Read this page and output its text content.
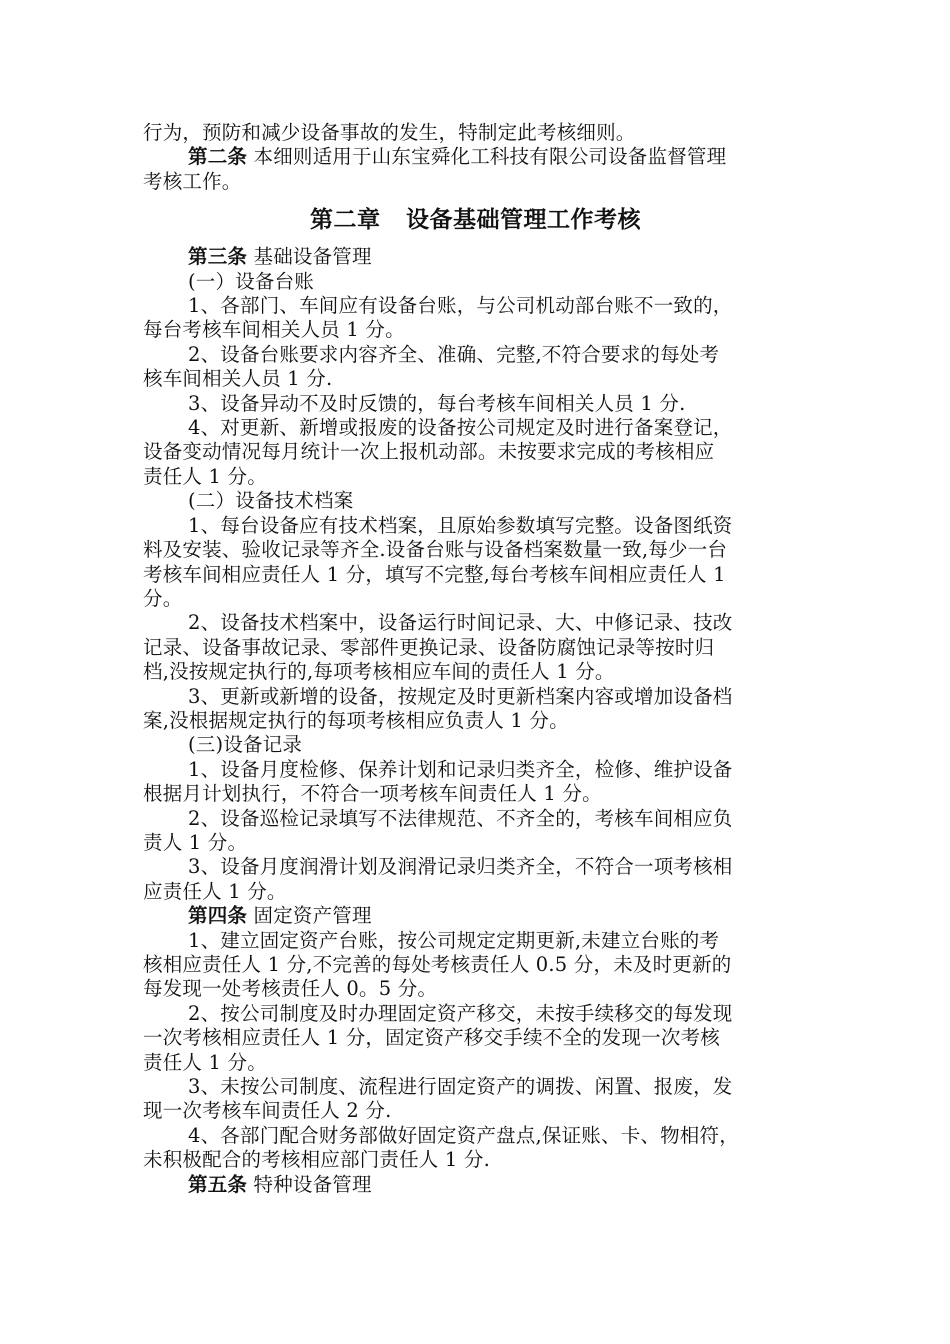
行为，预防和减少设备事故的发生，特制定此考核细则。
第二条 本细则适用于山东宝舜化工科技有限公司设备监督管理
考核工作。
第二章   设备基础管理工作考核
第三条 基础设备管理
(一）设备台账
1、各部门、车间应有设备台账，与公司机动部台账不一致的，
每台考核车间相关人员 1 分。
2、设备台账要求内容齐全、准确、完整,不符合要求的每处考
核车间相关人员 1 分.
3、设备异动不及时反馈的，每台考核车间相关人员 1 分.
4、对更新、新增或报废的设备按公司规定及时进行备案登记，
设备变动情况每月统计一次上报机动部。未按要求完成的考核相应
责任人 1 分。
(二）设备技术档案
1、每台设备应有技术档案，且原始参数填写完整。设备图纸资
料及安装、验收记录等齐全.设备台账与设备档案数量一致,每少一台
考核车间相应责任人 1 分，填写不完整,每台考核车间相应责任人 1
分。
2、设备技术档案中，设备运行时间记录、大、中修记录、技改
记录、设备事故记录、零部件更换记录、设备防腐蚀记录等按时归
档,没按规定执行的,每项考核相应车间的责任人 1 分。
3、更新或新增的设备，按规定及时更新档案内容或增加设备档
案,没根据规定执行的每项考核相应负责人 1 分。
(三)设备记录
1、设备月度检修、保养计划和记录归类齐全，检修、维护设备
根据月计划执行，不符合一项考核车间责任人 1 分。
2、设备巡检记录填写不法律规范、不齐全的，考核车间相应负
责人 1 分。
3、设备月度润滑计划及润滑记录归类齐全，不符合一项考核相
应责任人 1 分。
第四条 固定资产管理
1、建立固定资产台账，按公司规定定期更新,未建立台账的考
核相应责任人 1 分,不完善的每处考核责任人 0.5 分，未及时更新的
每发现一处考核责任人 0。5 分。
2、按公司制度及时办理固定资产移交，未按手续移交的每发现
一次考核相应责任人 1 分，固定资产移交手续不全的发现一次考核
责任人 1 分。
3、未按公司制度、流程进行固定资产的调拨、闲置、报废，发
现一次考核车间责任人 2 分.
4、各部门配合财务部做好固定资产盘点,保证账、卡、物相符，
未积极配合的考核相应部门责任人 1 分.
第五条 特种设备管理
